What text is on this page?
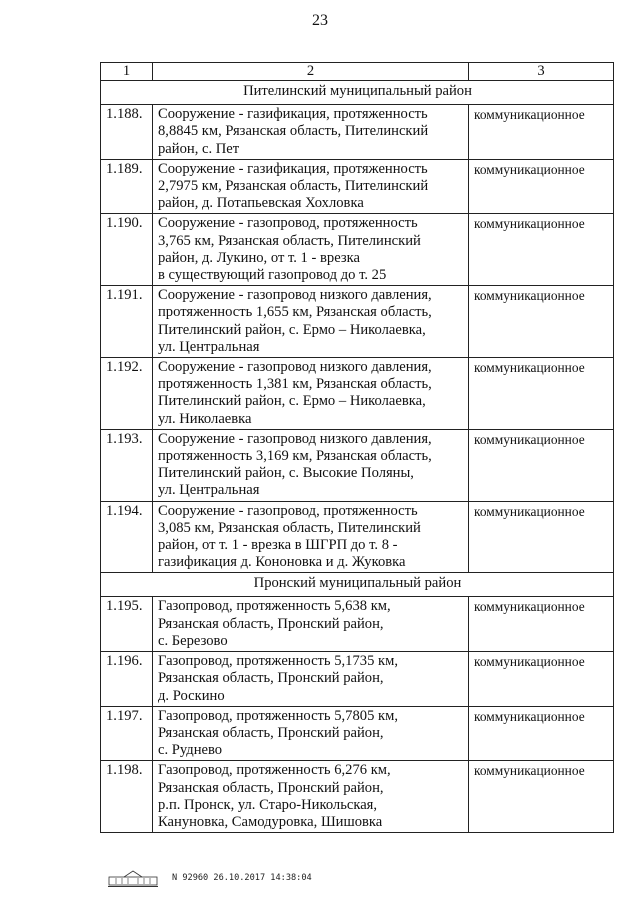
23
1	2	3
Пителинский муниципальный район		
1.188.	Сооружение - газификация, протяженность
8,8845 км, Рязанская область, Пителинский
район, с. Пет	коммуникационное
1.189.	Сооружение - газификация, протяженность
2,7975 км, Рязанская область, Пителинский
район, д. Потапьевская Хохловка	коммуникационное
1.190.	Сооружение - газопровод, протяженность
3,765 км, Рязанская область, Пителинский
район, д. Лукино, от т. 1 - врезка
в существующий газопровод до т. 25	коммуникационное
1.191.	Сооружение - газопровод низкого давления,
протяженность 1,655 км, Рязанская область,
Пителинский район, с. Ермо – Николаевка,
ул. Центральная	коммуникационное
1.192.	Сооружение - газопровод низкого давления,
протяженность 1,381 км, Рязанская область,
Пителинский район, с. Ермо – Николаевка,
ул. Николаевка	коммуникационное
1.193.	Сооружение - газопровод низкого давления,
протяженность 3,169 км, Рязанская область,
Пителинский район, с. Высокие Поляны,
ул. Центральная	коммуникационное
1.194.	Сооружение - газопровод, протяженность
3,085 км, Рязанская область, Пителинский
район, от т. 1 - врезка в ШГРП до т. 8 -
газификация д. Кононовка и д. Жуковка	коммуникационное
Пронский муниципальный район		
1.195.	Газопровод, протяженность 5,638 км,
Рязанская область, Пронский район,
с. Березово	коммуникационное
1.196.	Газопровод, протяженность 5,1735 км,
Рязанская область, Пронский район,
д. Роскино	коммуникационное
1.197.	Газопровод, протяженность 5,7805 км,
Рязанская область, Пронский район,
с. Руднево	коммуникационное
1.198.	Газопровод, протяженность 6,276 км,
Рязанская область, Пронский район,
р.п. Пронск, ул. Старо-Никольская,
Кануновка, Самодуровка, Шишовка	коммуникационное
N 92960 26.10.2017 14:38:04
